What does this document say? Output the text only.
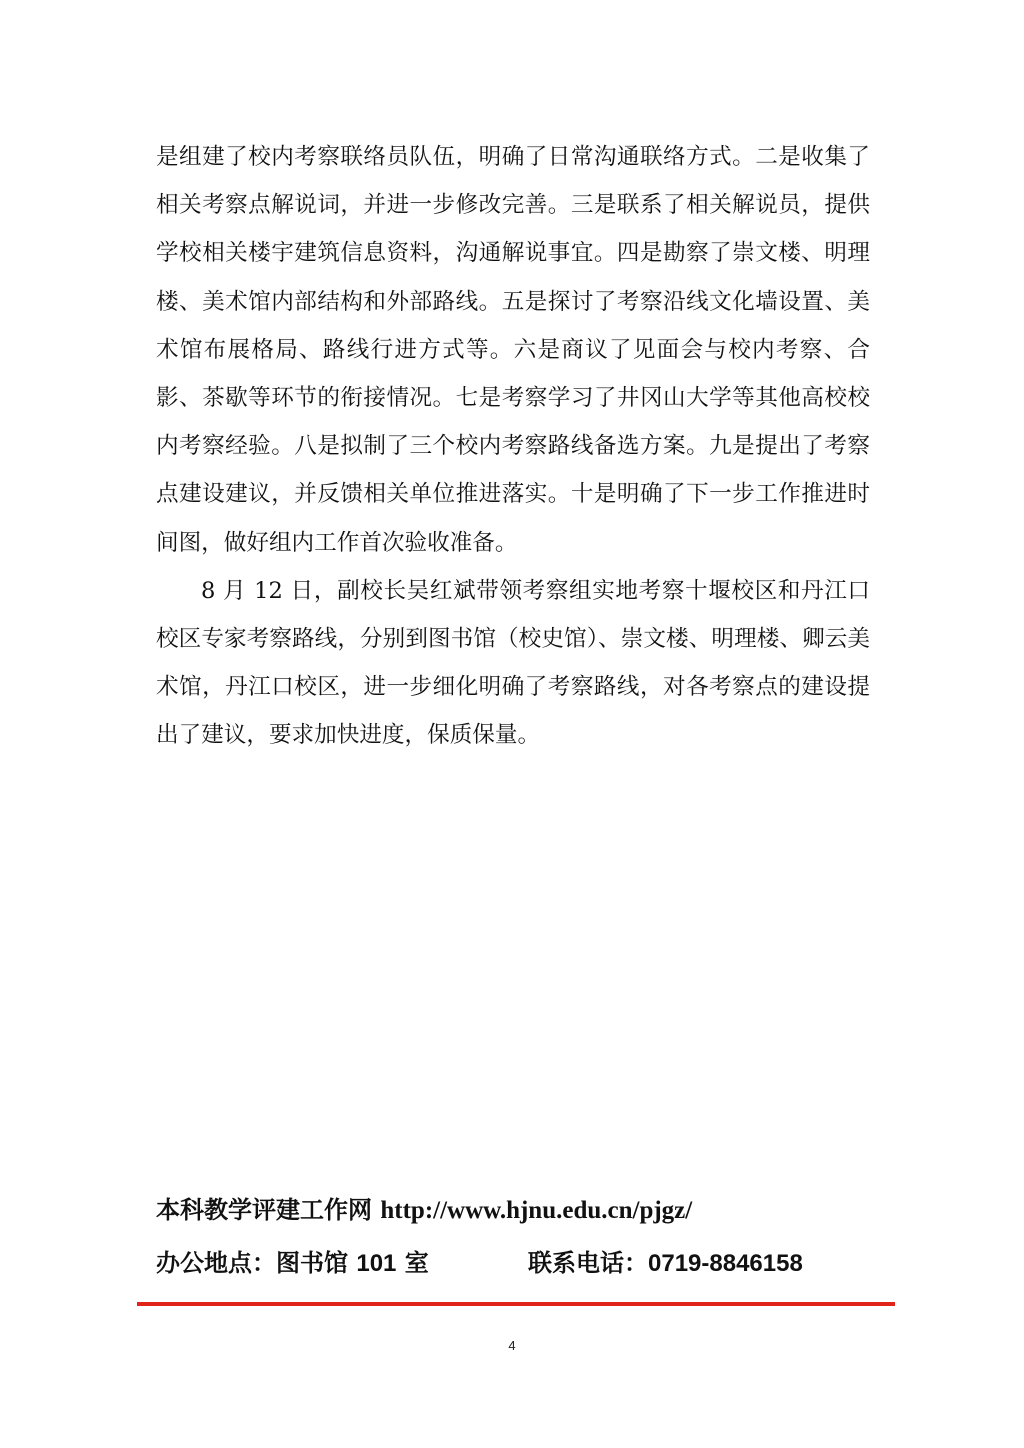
是组建了校内考察联络员队伍，明确了日常沟通联络方式。二是收集了相关考察点解说词，并进一步修改完善。三是联系了相关解说员，提供学校相关楼宇建筑信息资料，沟通解说事宜。四是勘察了崇文楼、明理楼、美术馆内部结构和外部路线。五是探讨了考察沿线文化墙设置、美术馆布展格局、路线行进方式等。六是商议了见面会与校内考察、合影、茶歇等环节的衔接情况。七是考察学习了井冈山大学等其他高校校内考察经验。八是拟制了三个校内考察路线备选方案。九是提出了考察点建设建议，并反馈相关单位推进落实。十是明确了下一步工作推进时间图，做好组内工作首次验收准备。

8 月 12 日，副校长吴红斌带领考察组实地考察十堰校区和丹江口校区专家考察路线，分别到图书馆（校史馆）、崇文楼、明理楼、卿云美术馆，丹江口校区，进一步细化明确了考察路线，对各考察点的建设提出了建议，要求加快进度，保质保量。

本科教学评建工作网 http://www.hjnu.edu.cn/pjgz/
办公地点：图书馆 101 室	联系电话：0719-8846158
4
